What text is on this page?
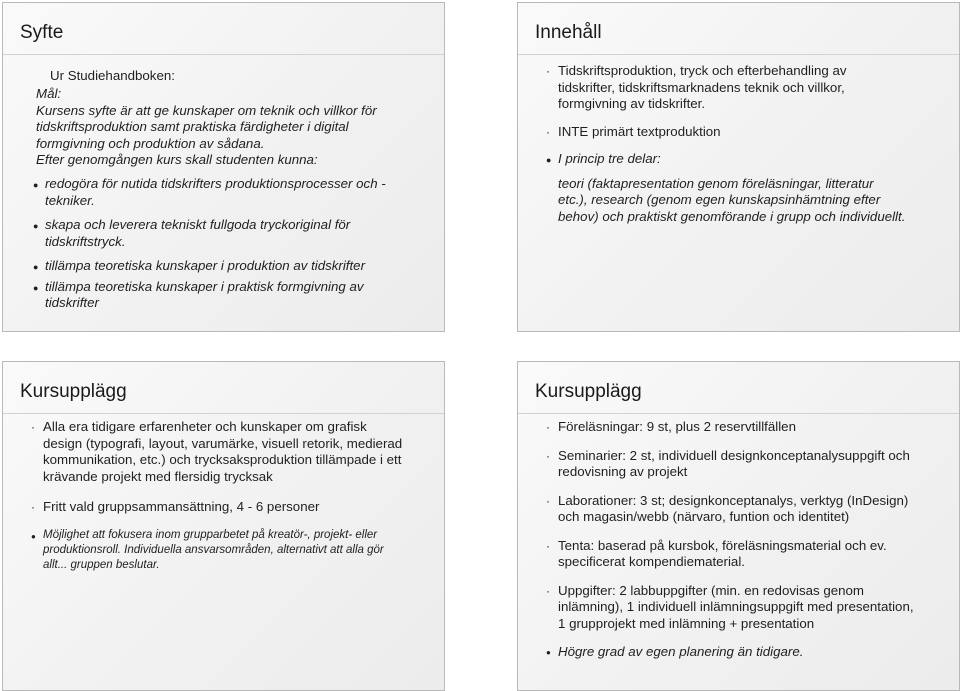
Syfte
Ur Studiehandboken:
Mål:
Kursens syfte är att ge kunskaper om teknik och villkor för tidskriftsproduktion samt praktiska färdigheter i digital formgivning och produktion av sådana.
Efter genomgången kurs skall studenten kunna:
● redogöra för nutida tidskrifters produktionsprocesser och -tekniker.
● skapa och leverera tekniskt fullgoda tryckoriginal för tidskriftstryck.
● tillämpa teoretiska kunskaper i produktion av tidskrifter
● tillämpa teoretiska kunskaper i praktisk formgivning av tidskrifter
Innehåll
· Tidskriftsproduktion, tryck och efterbehandling av tidskrifter, tidskriftsmarknadens teknik och villkor, formgivning av tidskrifter.
· INTE primärt textproduktion
● I princip tre delar:
teori (faktapresentation genom föreläsningar, litteratur etc.), research (genom egen kunskapsinhämtning efter behov) och praktiskt genomförande i grupp och individuellt.
Kursupplägg
· Alla era tidigare erfarenheter och kunskaper om grafisk design (typografi, layout, varumärke, visuell retorik, medierad kommunikation, etc.) och trycksaksproduktion tillämpade i ett krävande projekt med flersidig trycksak
· Fritt vald gruppsammansättning, 4 - 6 personer
● Möjlighet att fokusera inom grupparbetet på kreatör-, projekt- eller produktionsroll. Individuella ansvarsområden, alternativt att alla gör allt... gruppen beslutar.
Kursupplägg
· Föreläsningar: 9 st, plus 2 reservtillfällen
· Seminarier: 2 st, individuell designkonceptanalysuppgift och redovisning av projekt
· Laborationer: 3 st; designkonceptanalys, verktyg (InDesign) och magasin/webb (närvaro, funtion och identitet)
· Tenta: baserad på kursbok, föreläsningsmaterial och ev. specificerat kompendiematerial.
· Uppgifter: 2 labbuppgifter (min. en redovisas genom inlämning), 1 individuell inlämningsuppgift med presentation, 1 grupprojekt med inlämning + presentation
● Högre grad av egen planering än tidigare.
